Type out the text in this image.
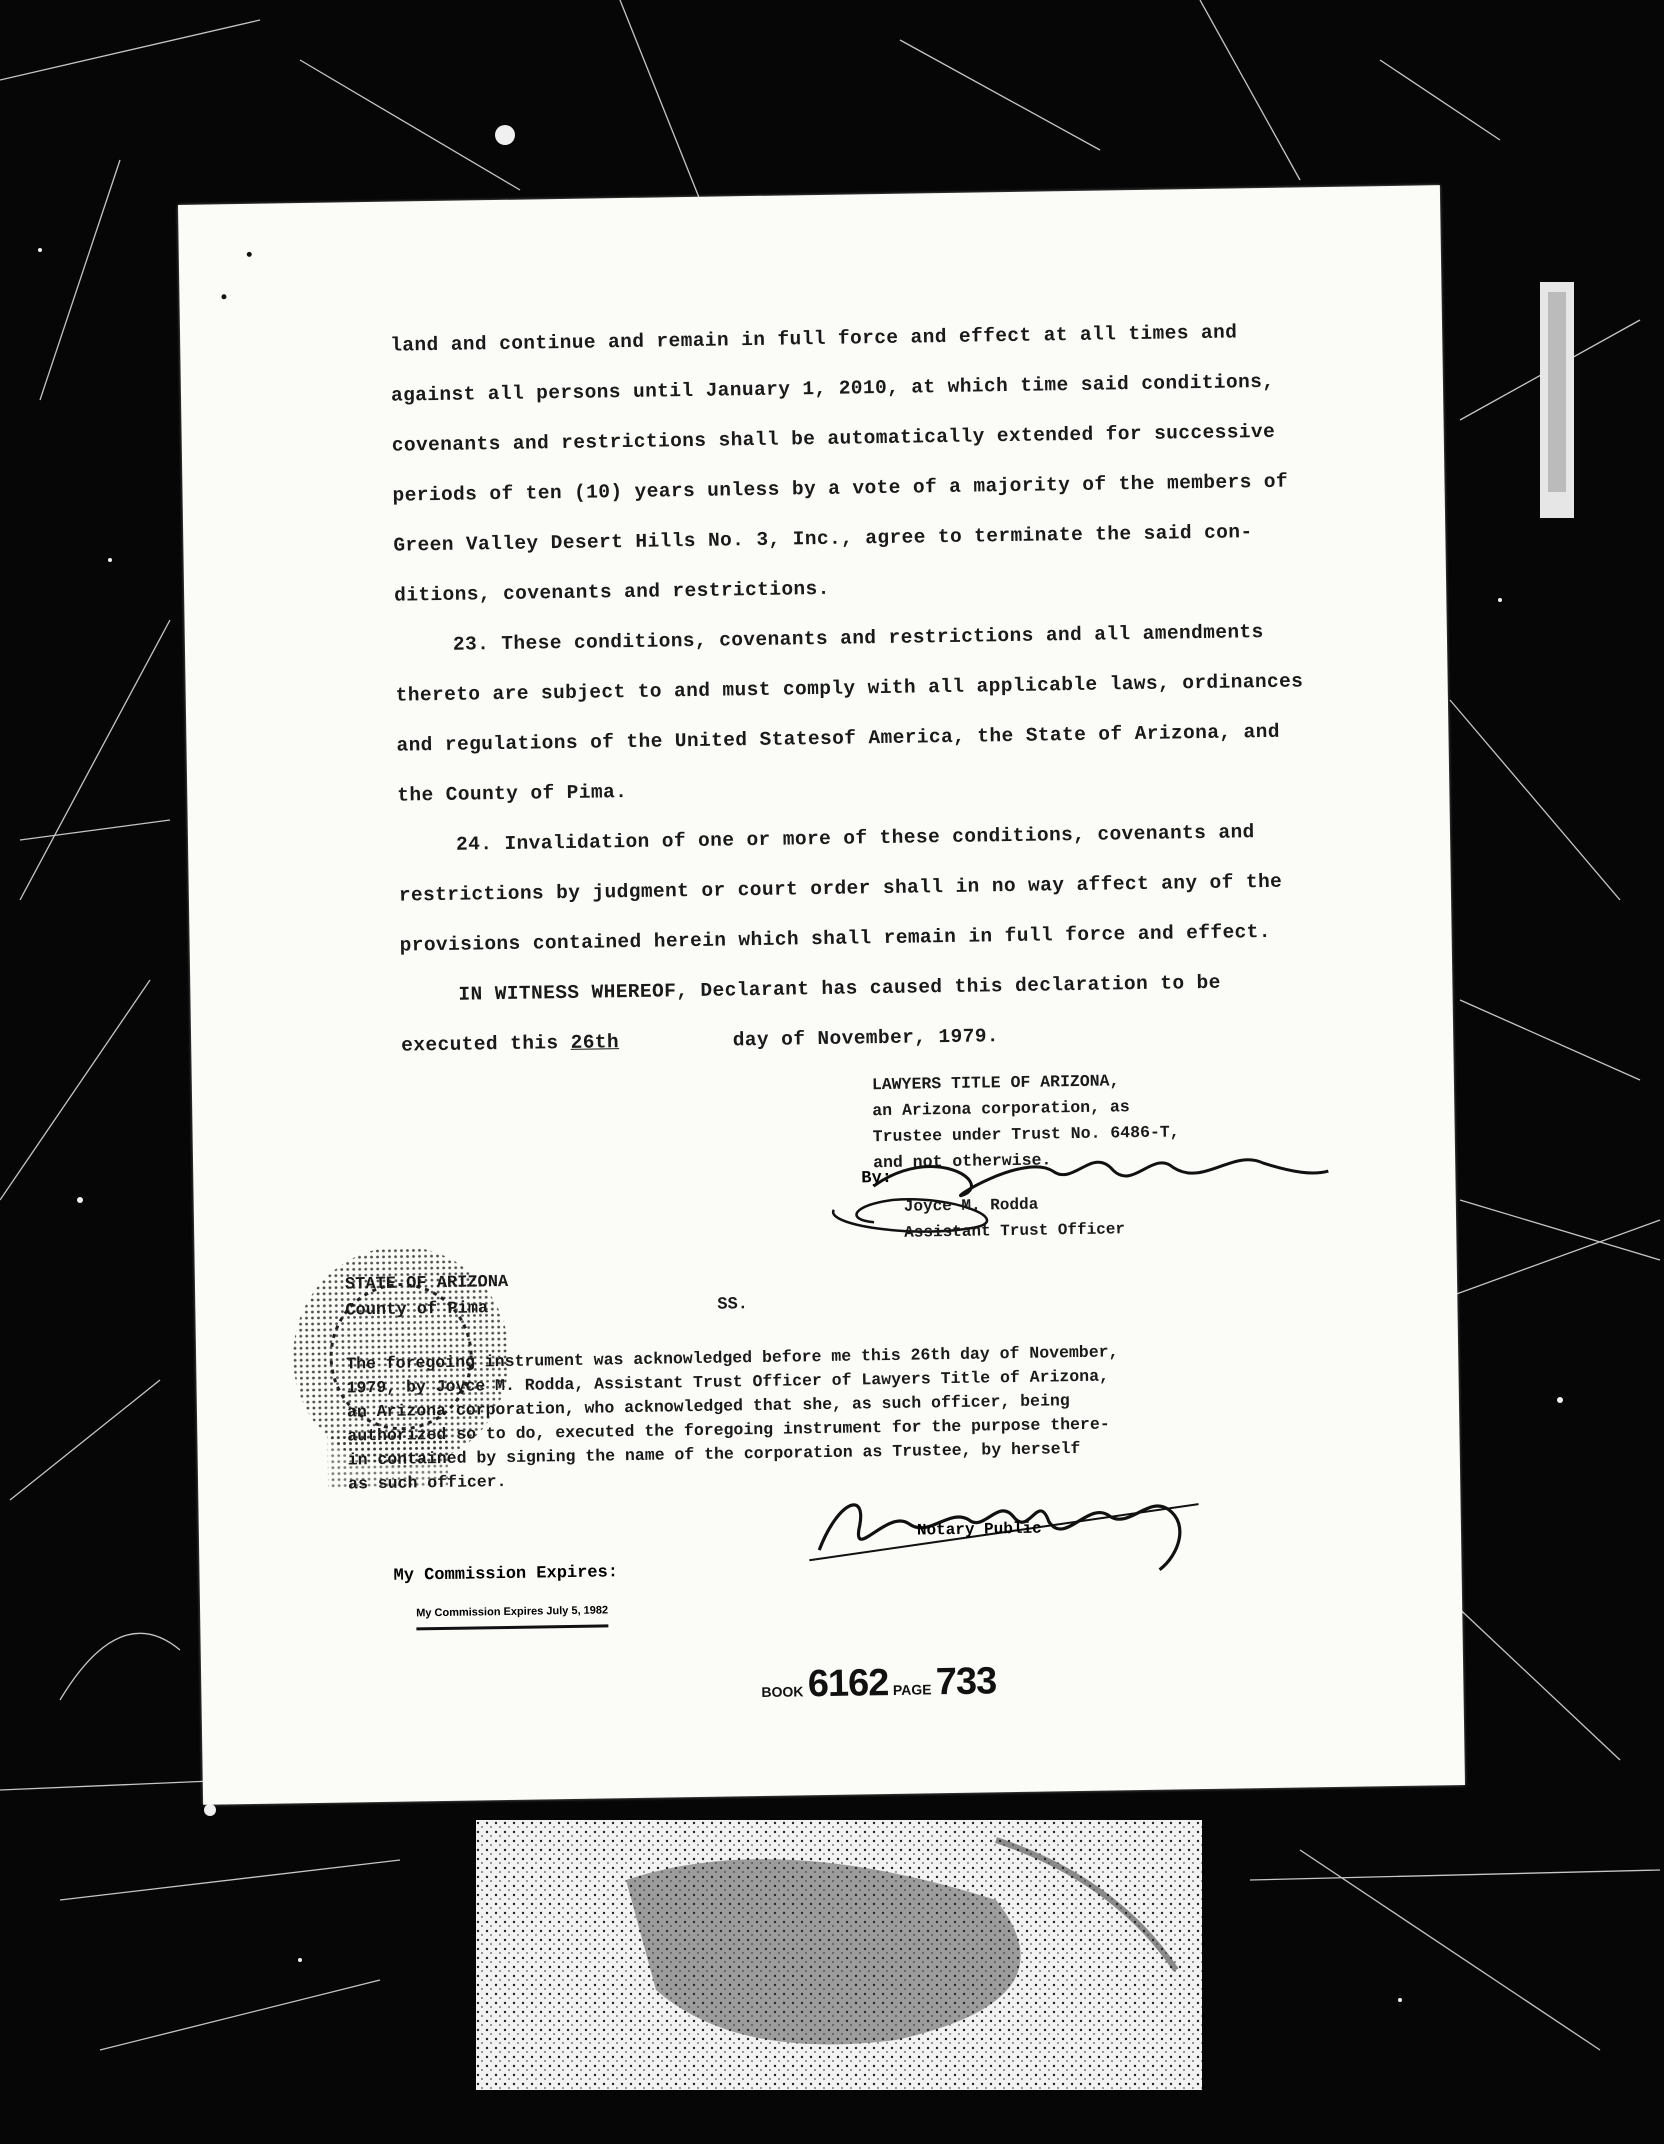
land and continue and remain in full force and effect at all times and
against all persons until January 1, 2010, at which time said conditions,
covenants and restrictions shall be automatically extended for successive
periods of ten (10) years unless by a vote of a majority of the members of
Green Valley Desert Hills No. 3, Inc., agree to terminate the said con-
ditions, covenants and restrictions.
23. These conditions, covenants and restrictions and all amendments
thereto are subject to and must comply with all applicable laws, ordinances
and regulations of the United Statesof America, the State of Arizona, and
the County of Pima.
24. Invalidation of one or more of these conditions, covenants and
restrictions by judgment or court order shall in no way affect any of the
provisions contained herein which shall remain in full force and effect.
IN WITNESS WHEREOF, Declarant has caused this declaration to be
executed this 26th	day of November, 1979.
LAWYERS TITLE OF ARIZONA,
an Arizona corporation, as
Trustee under Trust No. 6486-T,
and not otherwise.
By:
Joyce M. Rodda
Assistant Trust Officer
STATE OF ARIZONA
County of Pima	SS.
The foregoing instrument was acknowledged before me this 26th day of November,
1979, by Joyce M. Rodda, Assistant Trust Officer of Lawyers Title of Arizona,
an Arizona corporation, who acknowledged that she, as such officer, being
authorized so to do, executed the foregoing instrument for the purpose there-
in contained by signing the name of the corporation as Trustee, by herself
as such officer.
Notary Public
My Commission Expires:
My Commission Expires July 5, 1982
BOOK 6162 PAGE 733
